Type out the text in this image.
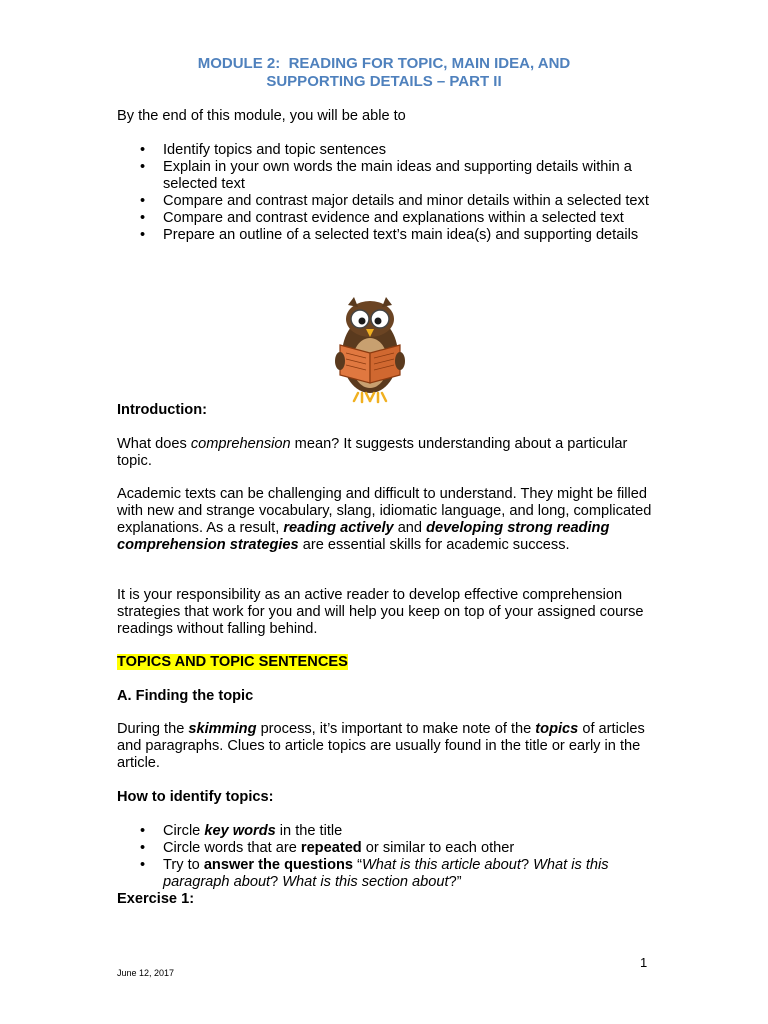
MODULE 2:  READING FOR TOPIC, MAIN IDEA, AND
SUPPORTING DETAILS – PART II

By the end of this module, you will be able to

• Identify topics and topic sentences
• Explain in your own words the main ideas and supporting details within a selected text
• Compare and contrast major details and minor details within a selected text
• Compare and contrast evidence and explanations within a selected text
• Prepare an outline of a selected text’s main idea(s) and supporting details

Introduction:

What does comprehension mean? It suggests understanding about a particular topic.

Academic texts can be challenging and difficult to understand. They might be filled with new and strange vocabulary, slang, idiomatic language, and long, complicated explanations. As a result, reading actively and developing strong reading comprehension strategies are essential skills for academic success.

It is your responsibility as an active reader to develop effective comprehension strategies that work for you and will help you keep on top of your assigned course readings without falling behind.

TOPICS AND TOPIC SENTENCES

A. Finding the topic

During the skimming process, it’s important to make note of the topics of articles and paragraphs. Clues to article topics are usually found in the title or early in the article.

How to identify topics:

• Circle key words in the title
• Circle words that are repeated or similar to each other
• Try to answer the questions “What is this article about? What is this paragraph about? What is this section about?”

Exercise 1:

1
June 12, 2017
